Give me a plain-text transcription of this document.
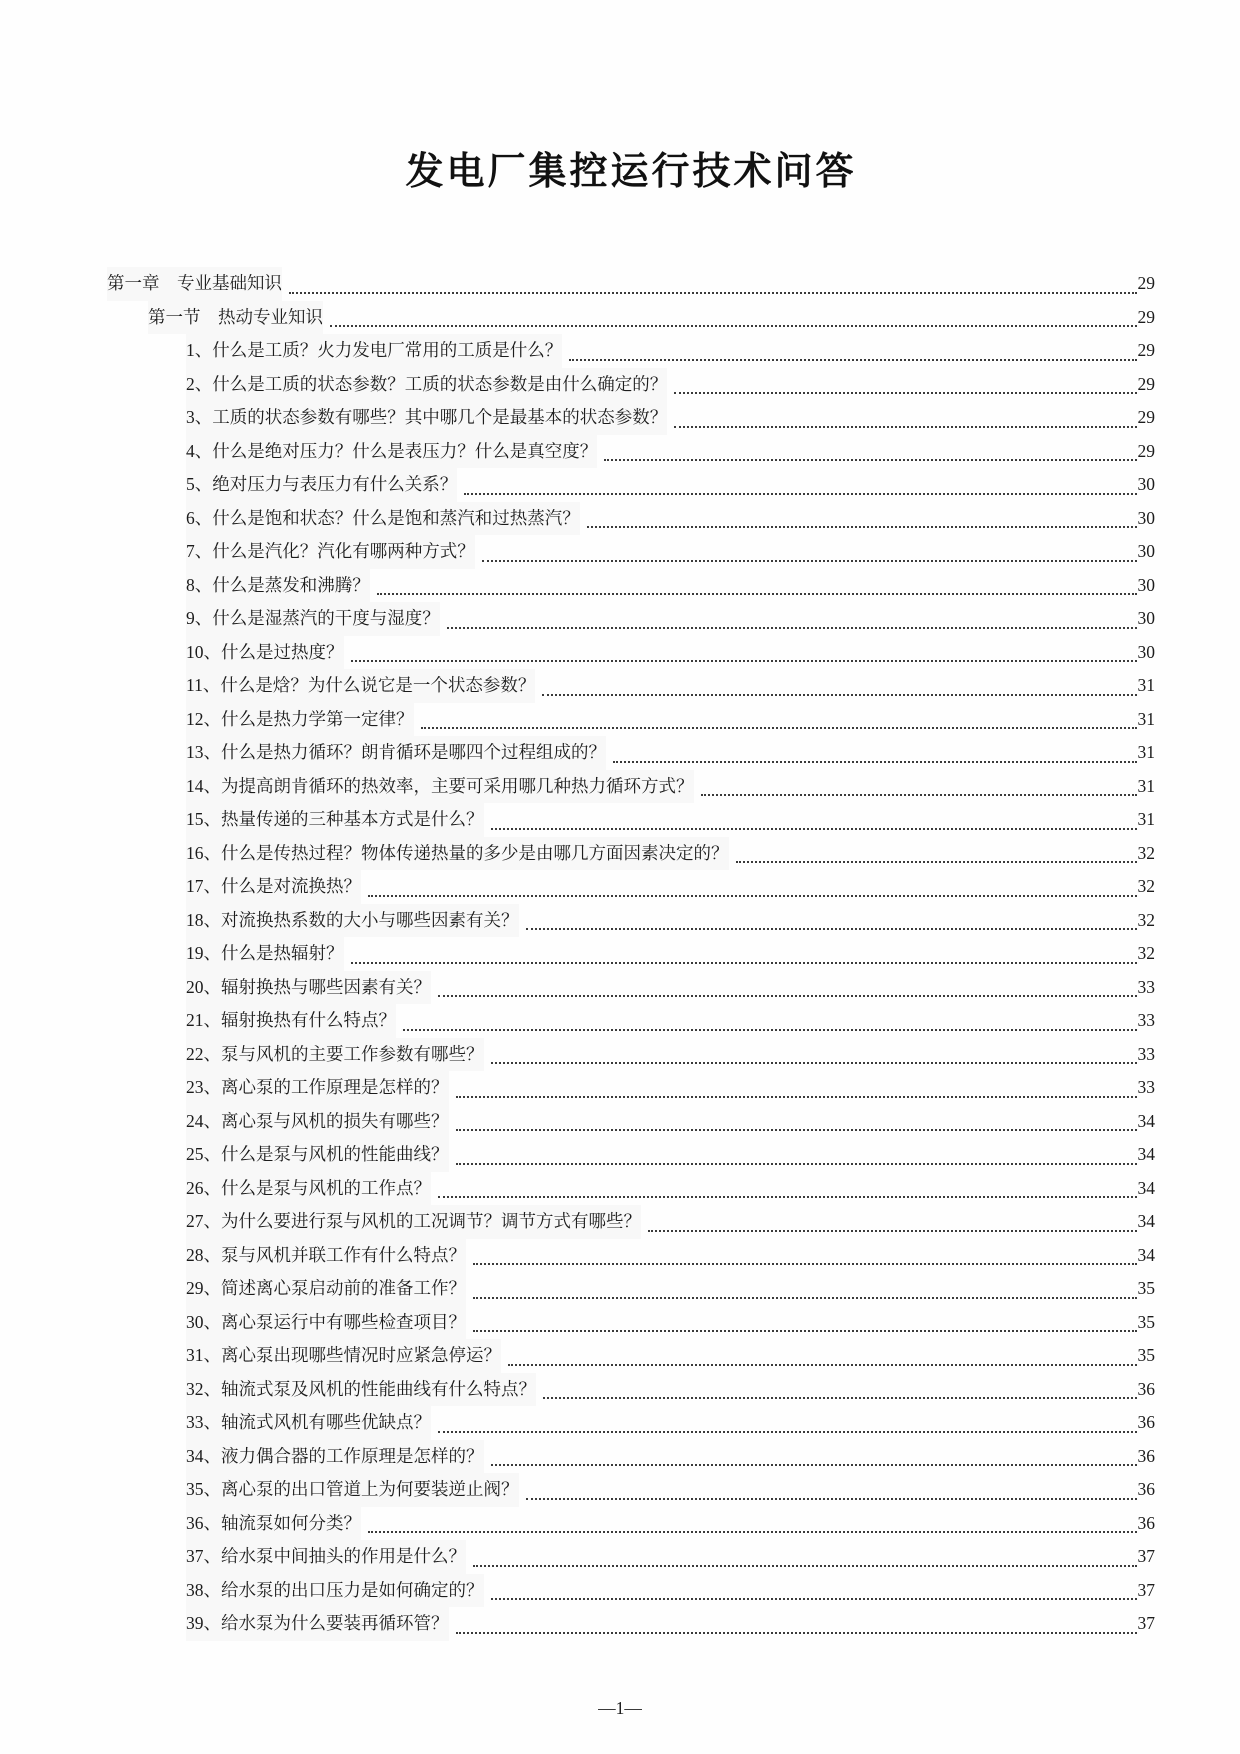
发电厂集控运行技术问答
第一章　专业基础知识	29
第一节　热动专业知识	29
1、什么是工质？火力发电厂常用的工质是什么？	29
2、什么是工质的状态参数？工质的状态参数是由什么确定的？	29
3、工质的状态参数有哪些？其中哪几个是最基本的状态参数？	29
4、什么是绝对压力？什么是表压力？什么是真空度？	29
5、绝对压力与表压力有什么关系？	30
6、什么是饱和状态？什么是饱和蒸汽和过热蒸汽？	30
7、什么是汽化？汽化有哪两种方式？	30
8、什么是蒸发和沸腾？	30
9、什么是湿蒸汽的干度与湿度？	30
10、什么是过热度？	30
11、什么是焓？为什么说它是一个状态参数？	31
12、什么是热力学第一定律？	31
13、什么是热力循环？朗肯循环是哪四个过程组成的？	31
14、为提高朗肯循环的热效率，主要可采用哪几种热力循环方式？	31
15、热量传递的三种基本方式是什么？	31
16、什么是传热过程？物体传递热量的多少是由哪几方面因素决定的？	32
17、什么是对流换热？	32
18、对流换热系数的大小与哪些因素有关？	32
19、什么是热辐射？	32
20、辐射换热与哪些因素有关？	33
21、辐射换热有什么特点？	33
22、泵与风机的主要工作参数有哪些？	33
23、离心泵的工作原理是怎样的？	33
24、离心泵与风机的损失有哪些？	34
25、什么是泵与风机的性能曲线？	34
26、什么是泵与风机的工作点？	34
27、为什么要进行泵与风机的工况调节？调节方式有哪些？	34
28、泵与风机并联工作有什么特点？	34
29、简述离心泵启动前的准备工作？	35
30、离心泵运行中有哪些检查项目？	35
31、离心泵出现哪些情况时应紧急停运？	35
32、轴流式泵及风机的性能曲线有什么特点？	36
33、轴流式风机有哪些优缺点？	36
34、液力偶合器的工作原理是怎样的？	36
35、离心泵的出口管道上为何要装逆止阀？	36
36、轴流泵如何分类？	36
37、给水泵中间抽头的作用是什么？	37
38、给水泵的出口压力是如何确定的？	37
39、给水泵为什么要装再循环管？	37
—1—
